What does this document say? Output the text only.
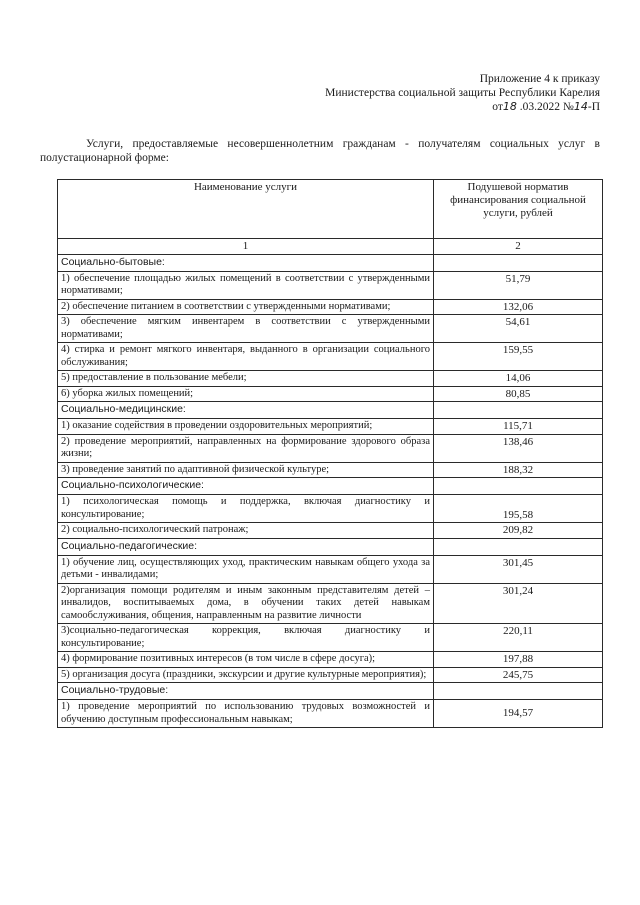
Приложение 4 к приказу
Министерства социальной защиты Республики Карелия
от18 .03.2022 №14-П
Услуги, предоставляемые несовершеннолетним гражданам - получателям социальных услуг в полустационарной форме:
Наименование услуги	Подушевой норматив финансирования социальной услуги, рублей
1	2
Социально-бытовые:	
1) обеспечение площадью жилых помещений в соответствии с утвержденными нормативами;	51,79
2) обеспечение питанием в соответствии с утвержденными нормативами;	132,06
3) обеспечение мягким инвентарем в соответствии с утвержденными нормативами;	54,61
4) стирка и ремонт мягкого инвентаря, выданного в организации социального обслуживания;	159,55
5) предоставление в пользование мебели;	14,06
6) уборка жилых помещений;	80,85
Социально-медицинские:	
1) оказание содействия в проведении оздоровительных мероприятий;	115,71
2) проведение мероприятий, направленных на формирование здорового образа жизни;	138,46
3) проведение занятий по адаптивной физической культуре;	188,32
Социально-психологические:	
1) психологическая помощь и поддержка, включая диагностику и консультирование;	195,58
2) социально-психологический патронаж;	209,82
Социально-педагогические:	
1) обучение лиц, осуществляющих уход, практическим навыкам общего ухода за детьми - инвалидами;	301,45
2)организация помощи родителям и иным законным представителям детей – инвалидов, воспитываемых дома, в обучении таких детей навыкам самообслуживания, общения, направленным на развитие личности	301,24
3)социально-педагогическая коррекция, включая диагностику и консультирование;	220,11
4) формирование позитивных интересов (в том числе в сфере досуга);	197,88
5) организация досуга (праздники, экскурсии и другие культурные мероприятия);	245,75
Социально-трудовые:	
1) проведение мероприятий по использованию трудовых возможностей и обучению доступным профессиональным навыкам;	194,57
